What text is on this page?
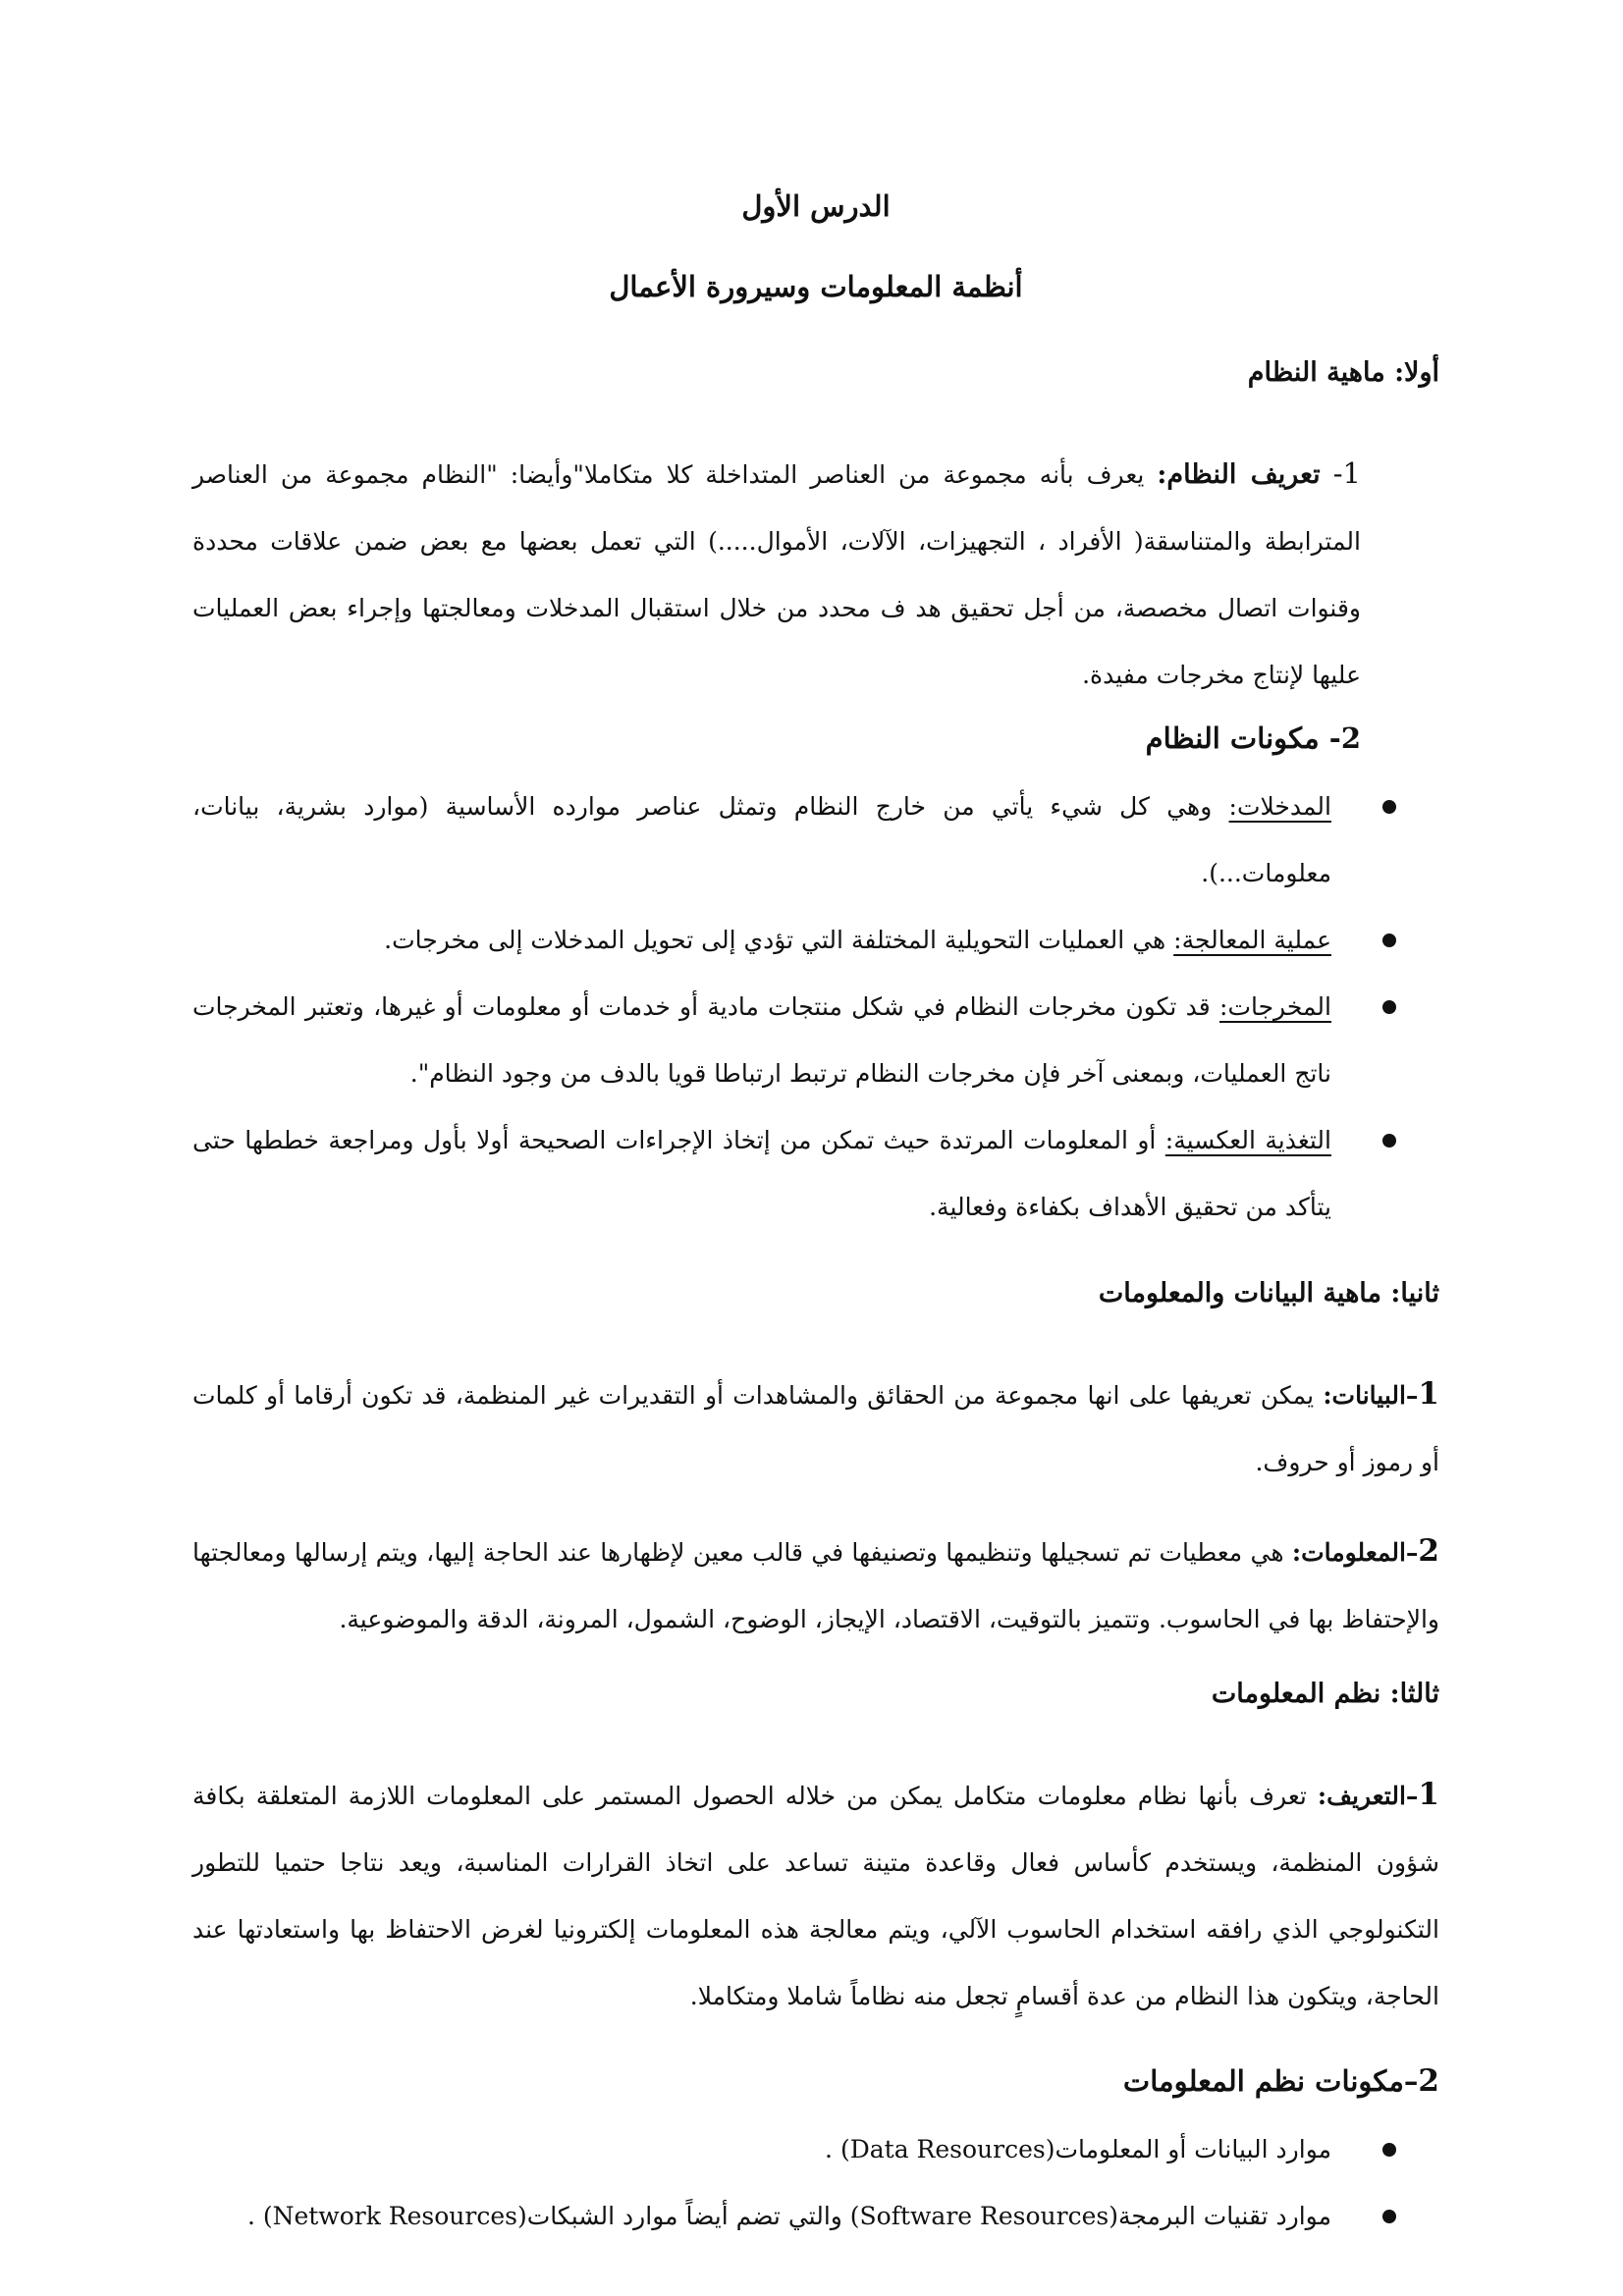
الدرس الأول

أنظمة المعلومات وسيرورة الأعمال

أولا: ماهية النظام

1- تعريف النظام: يعرف بأنه مجموعة من العناصر المتداخلة كلا متكاملا"وأيضا: "النظام مجموعة من العناصر المترابطة والمتناسقة( الأفراد ، التجهيزات، الآلات، الأموال.....) التي تعمل بعضها مع بعض ضمن علاقات محددة وقنوات اتصال مخصصة، من أجل تحقيق هد ف محدد من خلال استقبال المدخلات ومعالجتها وإجراء بعض العمليات عليها لإنتاج مخرجات مفيدة.

2- مكونات النظام

المدخلات: وهي كل شيء يأتي من خارج النظام وتمثل عناصر موارده الأساسية (موارد بشرية، بيانات، معلومات...).
عملية المعالجة: هي العمليات التحويلية المختلفة التي تؤدي إلى تحويل المدخلات إلى مخرجات.
المخرجات: قد تكون مخرجات النظام في شكل منتجات مادية أو خدمات أو معلومات أو غيرها، وتعتبر المخرجات ناتج العمليات، وبمعنى آخر فإن مخرجات النظام ترتبط ارتباطا قويا بالدف من وجود النظام".
التغذية العكسية: أو المعلومات المرتدة حيث تمكن من إتخاذ الإجراءات الصحيحة أولا بأول ومراجعة خططها حتى يتأكد من تحقيق الأهداف بكفاءة وفعالية.

ثانيا: ماهية البيانات والمعلومات

1–البيانات: يمكن تعريفها على انها مجموعة من الحقائق والمشاهدات أو التقديرات غير المنظمة، قد تكون أرقاما أو كلمات أو رموز أو حروف.

2–المعلومات: هي معطيات تم تسجيلها وتنظيمها وتصنيفها في قالب معين لإظهارها عند الحاجة إليها، ويتم إرسالها ومعالجتها والإحتفاظ بها في الحاسوب. وتتميز بالتوقيت، الاقتصاد، الإيجاز، الوضوح، الشمول، المرونة، الدقة والموضوعية.

ثالثا: نظم المعلومات

1–التعريف: تعرف بأنها نظام معلومات متكامل يمكن من خلاله الحصول المستمر على المعلومات اللازمة المتعلقة بكافة شؤون المنظمة، ويستخدم كأساس فعال وقاعدة متينة تساعد على اتخاذ القرارات المناسبة، ويعد نتاجا حتميا للتطور التكنولوجي الذي رافقه استخدام الحاسوب الآلي، ويتم معالجة هذه المعلومات إلكترونيا لغرض الاحتفاظ بها واستعادتها عند الحاجة، ويتكون هذا النظام من عدة أقسامٍ تجعل منه نظاماً شاملا ومتكاملا.

2–مكونات نظم المعلومات

موارد البيانات أو المعلومات(Data Resources) .
موارد تقنيات البرمجة(Software Resources) والتي تضم أيضاً موارد الشبكات(Network Resources) .
